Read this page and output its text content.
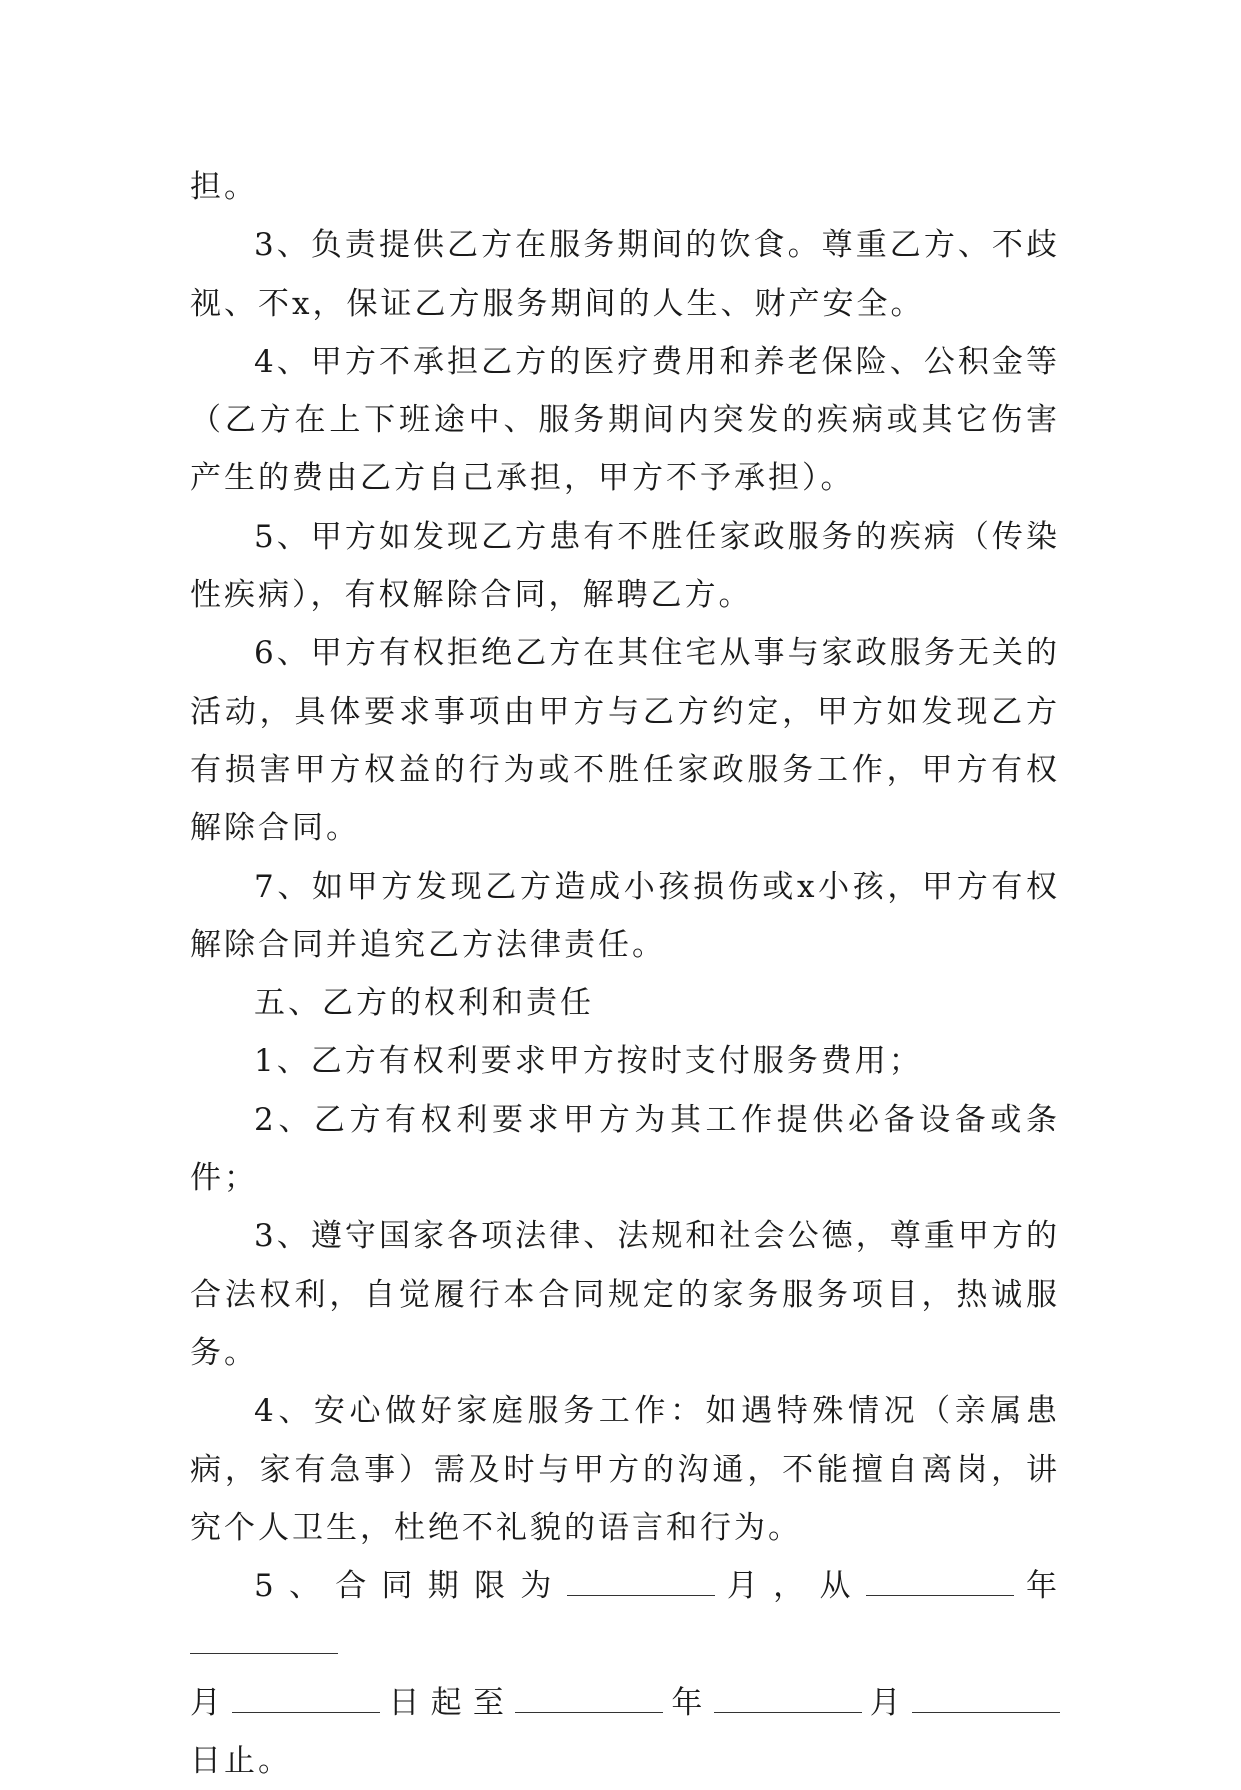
担。

3、负责提供乙方在服务期间的饮食。尊重乙方、不歧视、不x，保证乙方服务期间的人生、财产安全。

4、甲方不承担乙方的医疗费用和养老保险、公积金等（乙方在上下班途中、服务期间内突发的疾病或其它伤害产生的费由乙方自己承担，甲方不予承担）。

5、甲方如发现乙方患有不胜任家政服务的疾病（传染性疾病），有权解除合同，解聘乙方。

6、甲方有权拒绝乙方在其住宅从事与家政服务无关的活动，具体要求事项由甲方与乙方约定，甲方如发现乙方有损害甲方权益的行为或不胜任家政服务工作，甲方有权解除合同。

7、如甲方发现乙方造成小孩损伤或x小孩，甲方有权解除合同并追究乙方法律责任。

五、乙方的权利和责任

1、乙方有权利要求甲方按时支付服务费用；

2、乙方有权利要求甲方为其工作提供必备设备或条件；

3、遵守国家各项法律、法规和社会公德，尊重甲方的合法权利，自觉履行本合同规定的家务服务项目，热诚服务。

4、安心做好家庭服务工作：如遇特殊情况（亲属患病，家有急事）需及时与甲方的沟通，不能擅自离岗，讲究个人卫生，杜绝不礼貌的语言和行为。

5、合同期限为	月，从	年
月	日起至	年	月日止。
